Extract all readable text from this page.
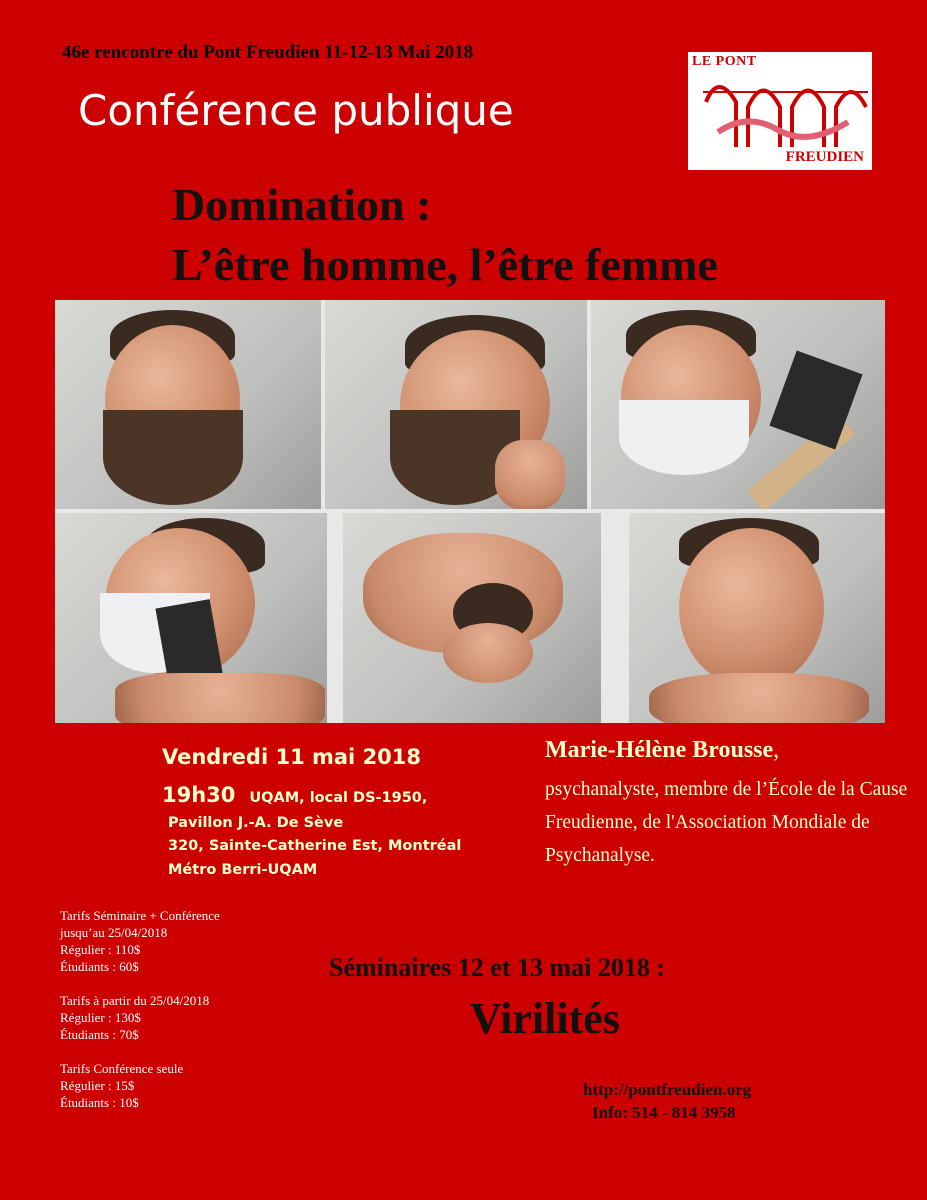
46e rencontre du Pont Freudien 11-12-13 Mai 2018
Conférence publique
LE PONT
FREUDIEN
Domination :
L’être homme, l’être femme
Vendredi 11 mai 2018
19h30 UQAM, local DS-1950,
Pavillon J.-A. De Sève
320, Sainte-Catherine Est, Montréal
Métro Berri-UQAM
Marie-Hélène Brousse,
psychanalyste, membre de l’École de la Cause Freudienne, de l'Association Mondiale de Psychanalyse.
Tarifs Séminaire + Conférence
jusqu’au 25/04/2018
Régulier : 110$
Étudiants : 60$
Tarifs à partir du 25/04/2018
Régulier : 130$
Étudiants : 70$
Tarifs Conférence seule
Régulier : 15$
Étudiants : 10$
Séminaires 12 et 13 mai 2018 :
Virilités
http://pontfreudien.org
Info: 514 - 814 3958
